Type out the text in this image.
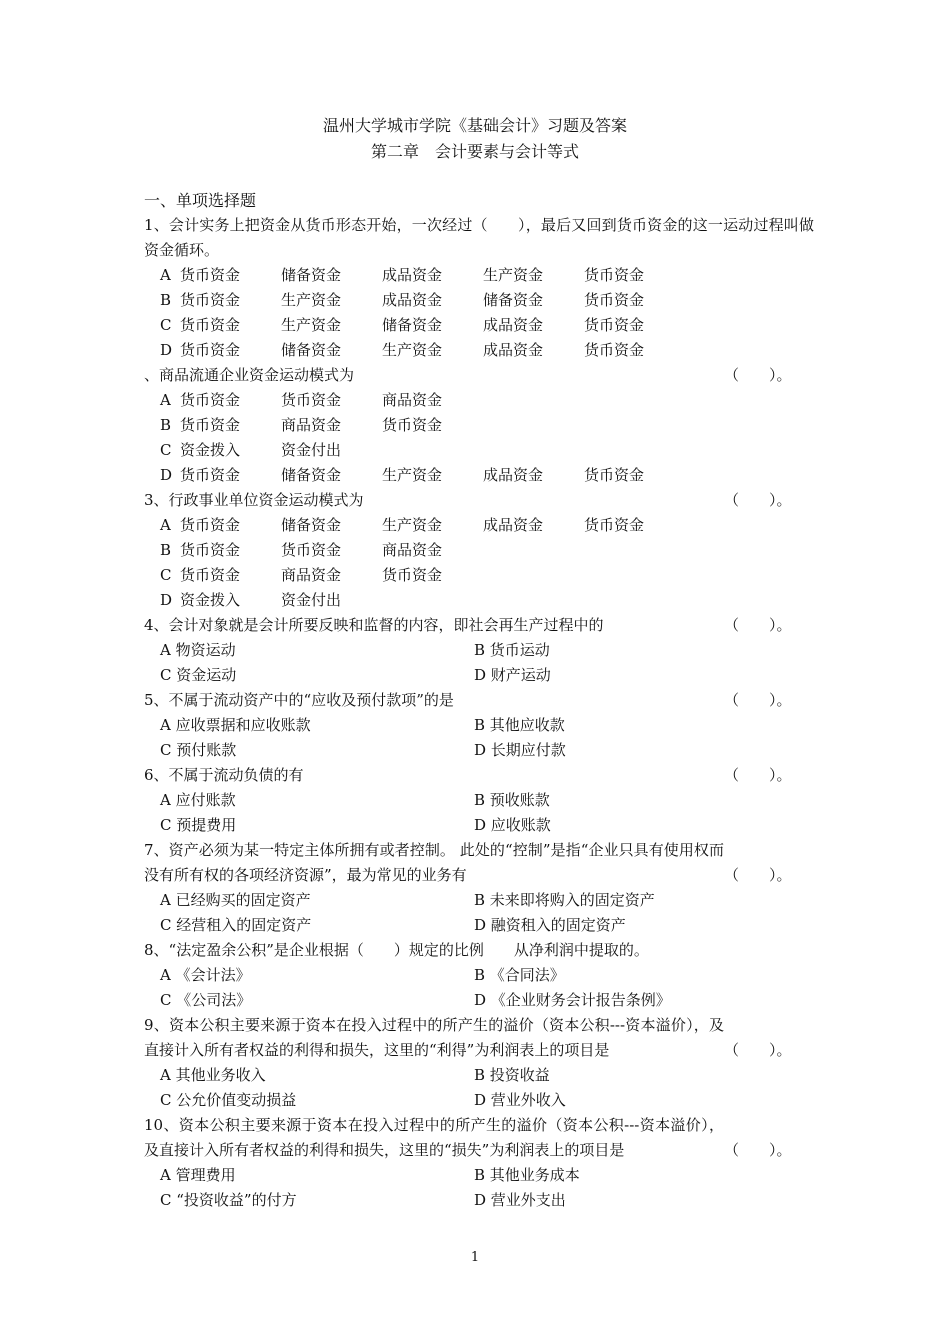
温州大学城市学院《基础会计》习题及答案
第二章　会计要素与会计等式
一、单项选择题
1、会计实务上把资金从货币形态开始，一次经过（　　），最后又回到货币资金的这一运动过程叫做资金循环。
A 货币资金	储备资金	成品资金	生产资金	货币资金
B 货币资金	生产资金	成品资金	储备资金	货币资金
C 货币资金	生产资金	储备资金	成品资金	货币资金
D 货币资金	储备资金	生产资金	成品资金	货币资金
、商品流通企业资金运动模式为	（　　）。
A 货币资金	货币资金	商品资金
B 货币资金	商品资金	货币资金
C 资金拨入	资金付出
D 货币资金	储备资金	生产资金	成品资金	货币资金
3、行政事业单位资金运动模式为	（　　）。
A 货币资金	储备资金	生产资金	成品资金	货币资金
B 货币资金	货币资金	商品资金
C 货币资金	商品资金	货币资金
D 资金拨入	资金付出
4、会计对象就是会计所要反映和监督的内容，即社会再生产过程中的	（　　）。
A 物资运动	B 货币运动
C 资金运动	D 财产运动
5、不属于流动资产中的“应收及预付款项”的是	（　　）。
A 应收票据和应收账款	B 其他应收款
C 预付账款	D 长期应付款
6、不属于流动负债的有	（　　）。
A 应付账款	B 预收账款
C 预提费用	D 应收账款
7、资产必须为某一特定主体所拥有或者控制。 此处的“控制”是指“企业只具有使用权而没有所有权的各项经济资源”，最为常见的业务有	（　　）。
A 已经购买的固定资产	B 未来即将购入的固定资产
C 经营租入的固定资产	D 融资租入的固定资产
8、“法定盈余公积”是企业根据（　　）规定的比例　　从净利润中提取的。
A 《会计法》	B 《合同法》
C 《公司法》	D 《企业财务会计报告条例》
9、资本公积主要来源于资本在投入过程中的所产生的溢价（资本公积---资本溢价），及直接计入所有者权益的利得和损失，这里的“利得”为利润表上的项目是	（　　）。
A 其他业务收入	B 投资收益
C 公允价值变动损益	D 营业外收入
10、资本公积主要来源于资本在投入过程中的所产生的溢价（资本公积---资本溢价），及直接计入所有者权益的利得和损失，这里的“损失”为利润表上的项目是	（　　）。
A 管理费用	B 其他业务成本
C “投资收益”的付方	D 营业外支出
1
